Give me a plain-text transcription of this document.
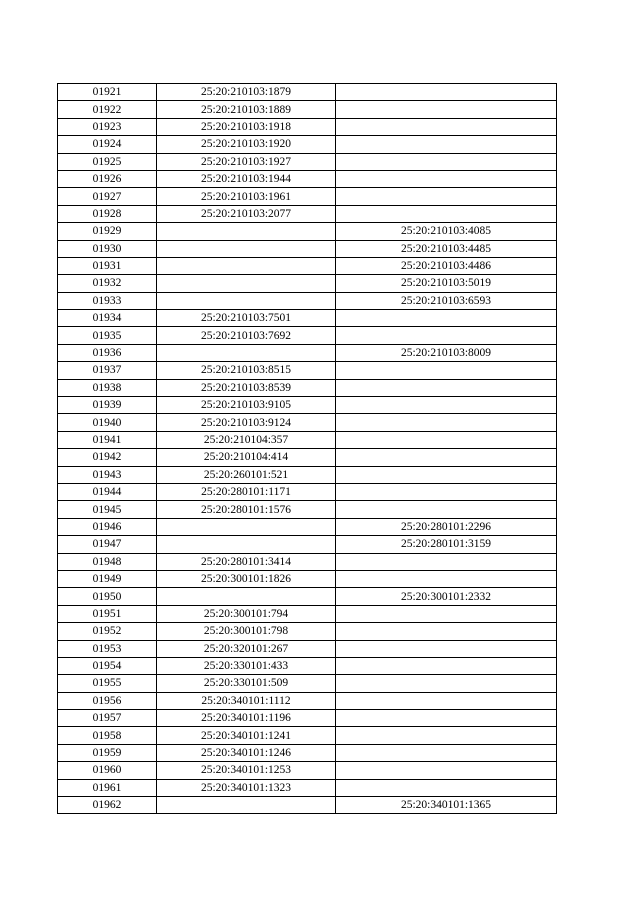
01921	25:20:210103:1879	
01922	25:20:210103:1889	
01923	25:20:210103:1918	
01924	25:20:210103:1920	
01925	25:20:210103:1927	
01926	25:20:210103:1944	
01927	25:20:210103:1961	
01928	25:20:210103:2077	
01929		25:20:210103:4085
01930		25:20:210103:4485
01931		25:20:210103:4486
01932		25:20:210103:5019
01933		25:20:210103:6593
01934	25:20:210103:7501	
01935	25:20:210103:7692	
01936		25:20:210103:8009
01937	25:20:210103:8515	
01938	25:20:210103:8539	
01939	25:20:210103:9105	
01940	25:20:210103:9124	
01941	25:20:210104:357	
01942	25:20:210104:414	
01943	25:20:260101:521	
01944	25:20:280101:1171	
01945	25:20:280101:1576	
01946		25:20:280101:2296
01947		25:20:280101:3159
01948	25:20:280101:3414	
01949	25:20:300101:1826	
01950		25:20:300101:2332
01951	25:20:300101:794	
01952	25:20:300101:798	
01953	25:20:320101:267	
01954	25:20:330101:433	
01955	25:20:330101:509	
01956	25:20:340101:1112	
01957	25:20:340101:1196	
01958	25:20:340101:1241	
01959	25:20:340101:1246	
01960	25:20:340101:1253	
01961	25:20:340101:1323	
01962		25:20:340101:1365
